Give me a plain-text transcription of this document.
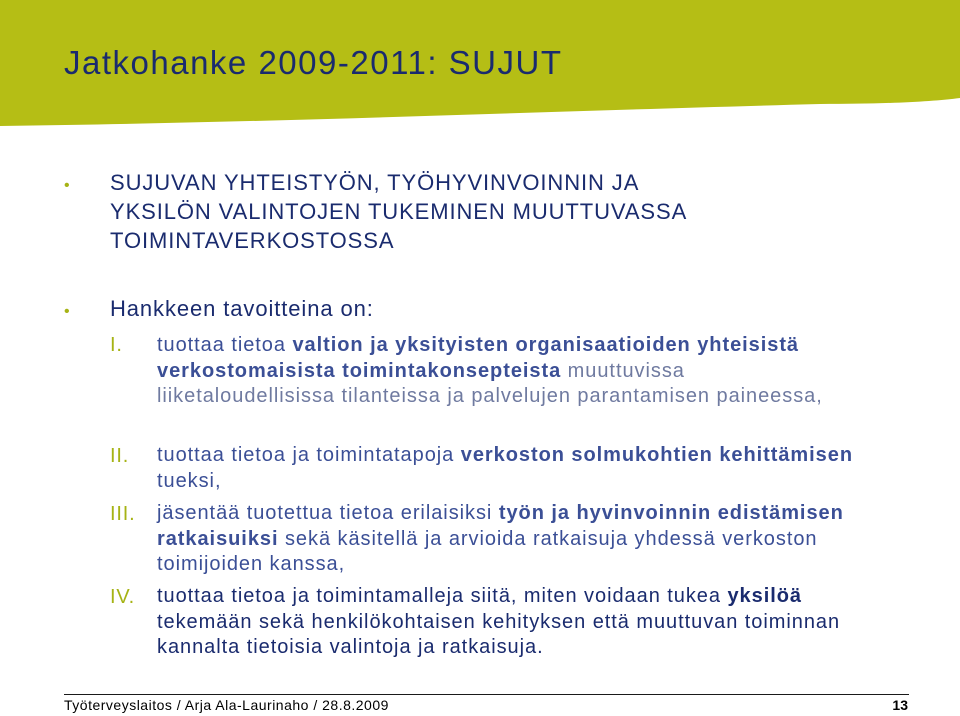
Jatkohanke 2009-2011: SUJUT
• SUJUVAN YHTEISTYÖN, TYÖHYVINVOINNIN JA
YKSILÖN VALINTOJEN TUKEMINEN MUUTTUVASSA
TOIMINTAVERKOSTOSSA
• Hankkeen tavoitteina on:
I. tuottaa tietoa valtion ja yksityisten organisaatioiden yhteisistä verkostomaisista toimintakonsepteista muuttuvissa liiketaloudellisissa tilanteissa ja palvelujen parantamisen paineessa,
II. tuottaa tietoa ja toimintatapoja verkoston solmukohtien kehittämisen tueksi,
III. jäsentää tuotettua tietoa erilaisiksi työn ja hyvinvoinnin edistämisen ratkaisuiksi sekä käsitellä ja arvioida ratkaisuja yhdessä verkoston toimijoiden kanssa,
IV. tuottaa tietoa ja toimintamalleja siitä, miten voidaan tukea yksilöä tekemään sekä henkilökohtaisen kehityksen että muuttuvan toiminnan kannalta tietoisia valintoja ja ratkaisuja.
Työterveyslaitos / Arja Ala-Laurinaho / 28.8.2009	13
